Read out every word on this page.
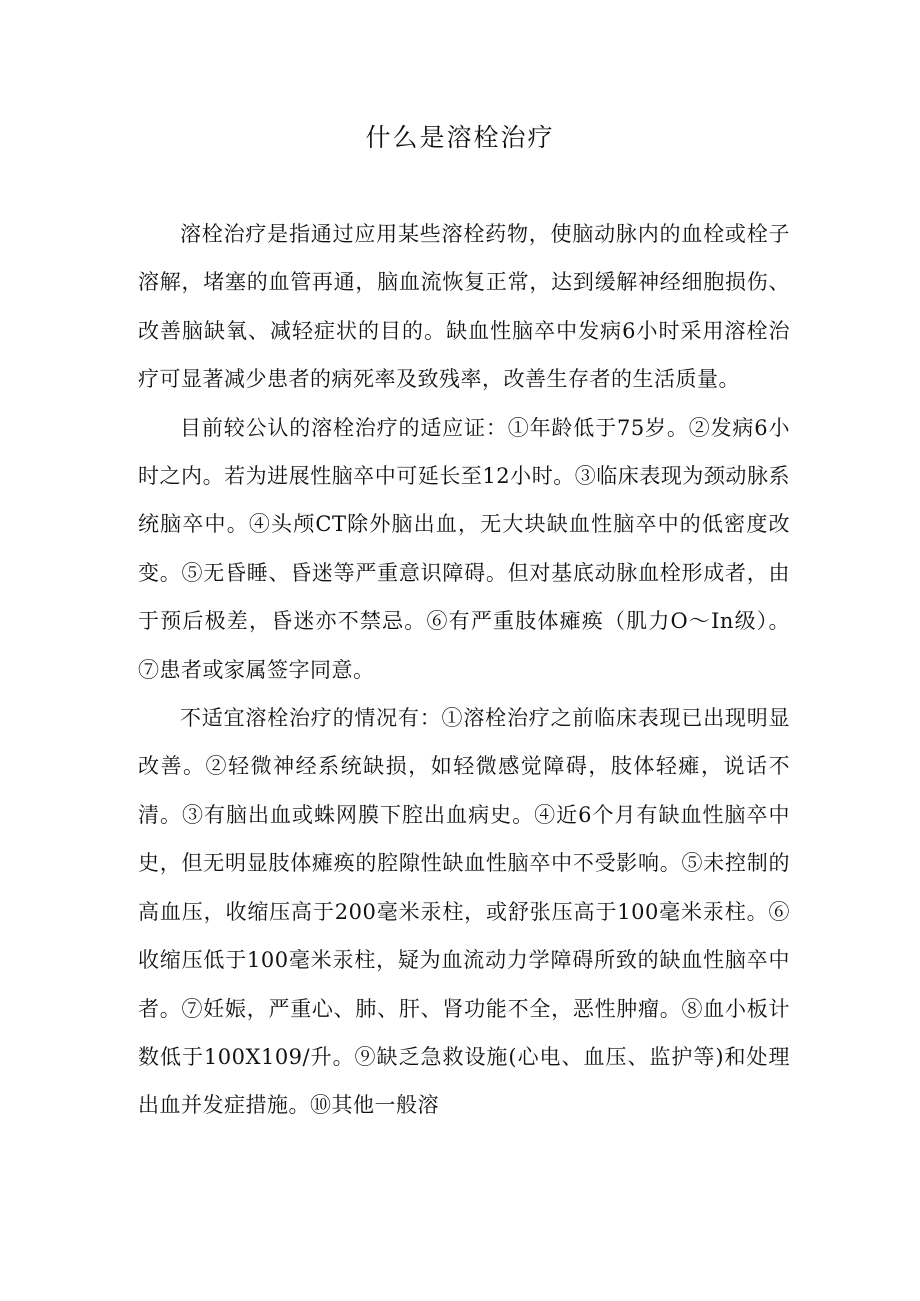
什么是溶栓治疗

溶栓治疗是指通过应用某些溶栓药物，使脑动脉内的血栓或栓子溶解，堵塞的血管再通，脑血流恢复正常，达到缓解神经细胞损伤、改善脑缺氧、减轻症状的目的。缺血性脑卒中发病6小时采用溶栓治疗可显著减少患者的病死率及致残率，改善生存者的生活质量。

目前较公认的溶栓治疗的适应证：①年龄低于75岁。②发病6小时之内。若为进展性脑卒中可延长至12小时。③临床表现为颈动脉系统脑卒中。④头颅CT除外脑出血，无大块缺血性脑卒中的低密度改变。⑤无昏睡、昏迷等严重意识障碍。但对基底动脉血栓形成者，由于预后极差，昏迷亦不禁忌。⑥有严重肢体瘫痪（肌力O～In级）。⑦患者或家属签字同意。

不适宜溶栓治疗的情况有：①溶栓治疗之前临床表现已出现明显改善。②轻微神经系统缺损，如轻微感觉障碍，肢体轻瘫，说话不清。③有脑出血或蛛网膜下腔出血病史。④近6个月有缺血性脑卒中史，但无明显肢体瘫痪的腔隙性缺血性脑卒中不受影响。⑤未控制的高血压，收缩压高于200毫米汞柱，或舒张压高于100毫米汞柱。⑥收缩压低于100毫米汞柱，疑为血流动力学障碍所致的缺血性脑卒中者。⑦妊娠，严重心、肺、肝、肾功能不全，恶性肿瘤。⑧血小板计数低于100X109/升。⑨缺乏急救设施(心电、血压、监护等)和处理出血并发症措施。⑩其他一般溶
